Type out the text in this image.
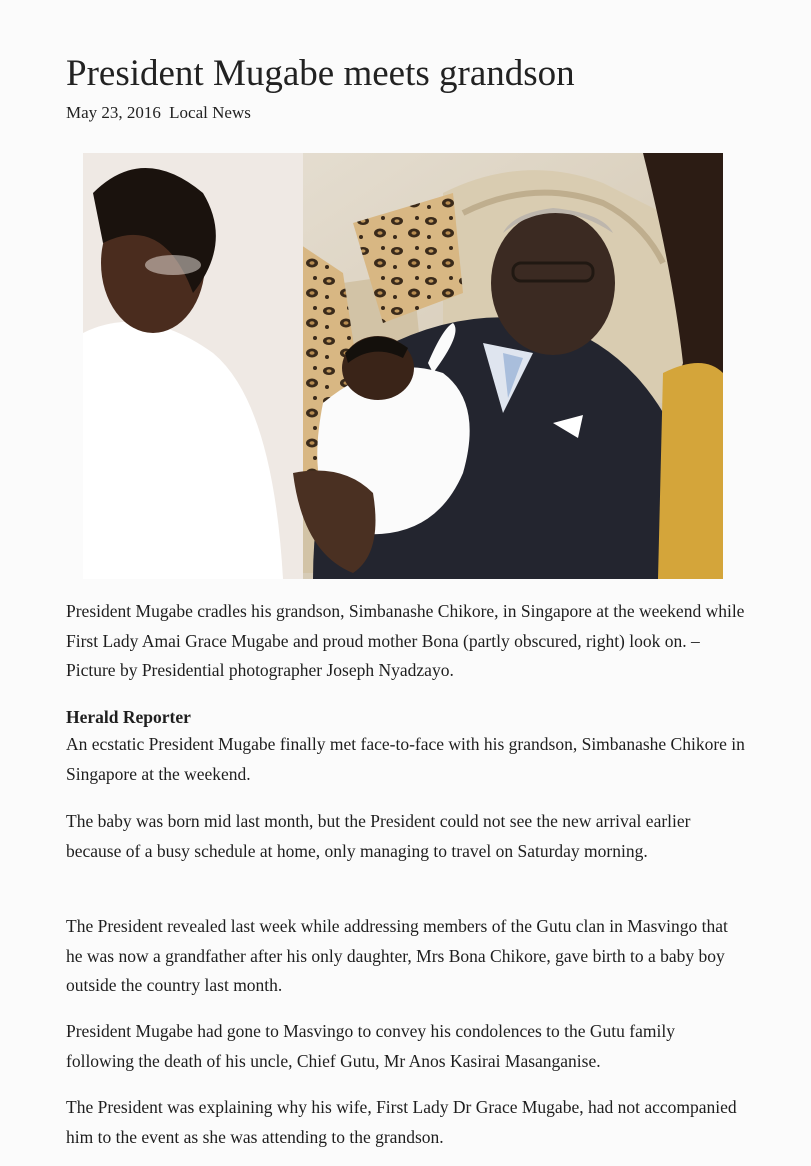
President Mugabe meets grandson
May 23, 2016 Local News

President Mugabe cradles his grandson, Simbanashe Chikore, in Singapore at the weekend while First Lady Amai Grace Mugabe and proud mother Bona (partly obscured, right) look on. – Picture by Presidential photographer Joseph Nyadzayo.

Herald Reporter

An ecstatic President Mugabe finally met face-to-face with his grandson, Simbanashe Chikore in Singapore at the weekend.

The baby was born mid last month, but the President could not see the new arrival earlier because of a busy schedule at home, only managing to travel on Saturday morning.

The President revealed last week while addressing members of the Gutu clan in Masvingo that he was now a grandfather after his only daughter, Mrs Bona Chikore, gave birth to a baby boy outside the country last month.

President Mugabe had gone to Masvingo to convey his condolences to the Gutu family following the death of his uncle, Chief Gutu, Mr Anos Kasirai Masanganise.

The President was explaining why his wife, First Lady Dr Grace Mugabe, had not accompanied him to the event as she was attending to the grandson.
